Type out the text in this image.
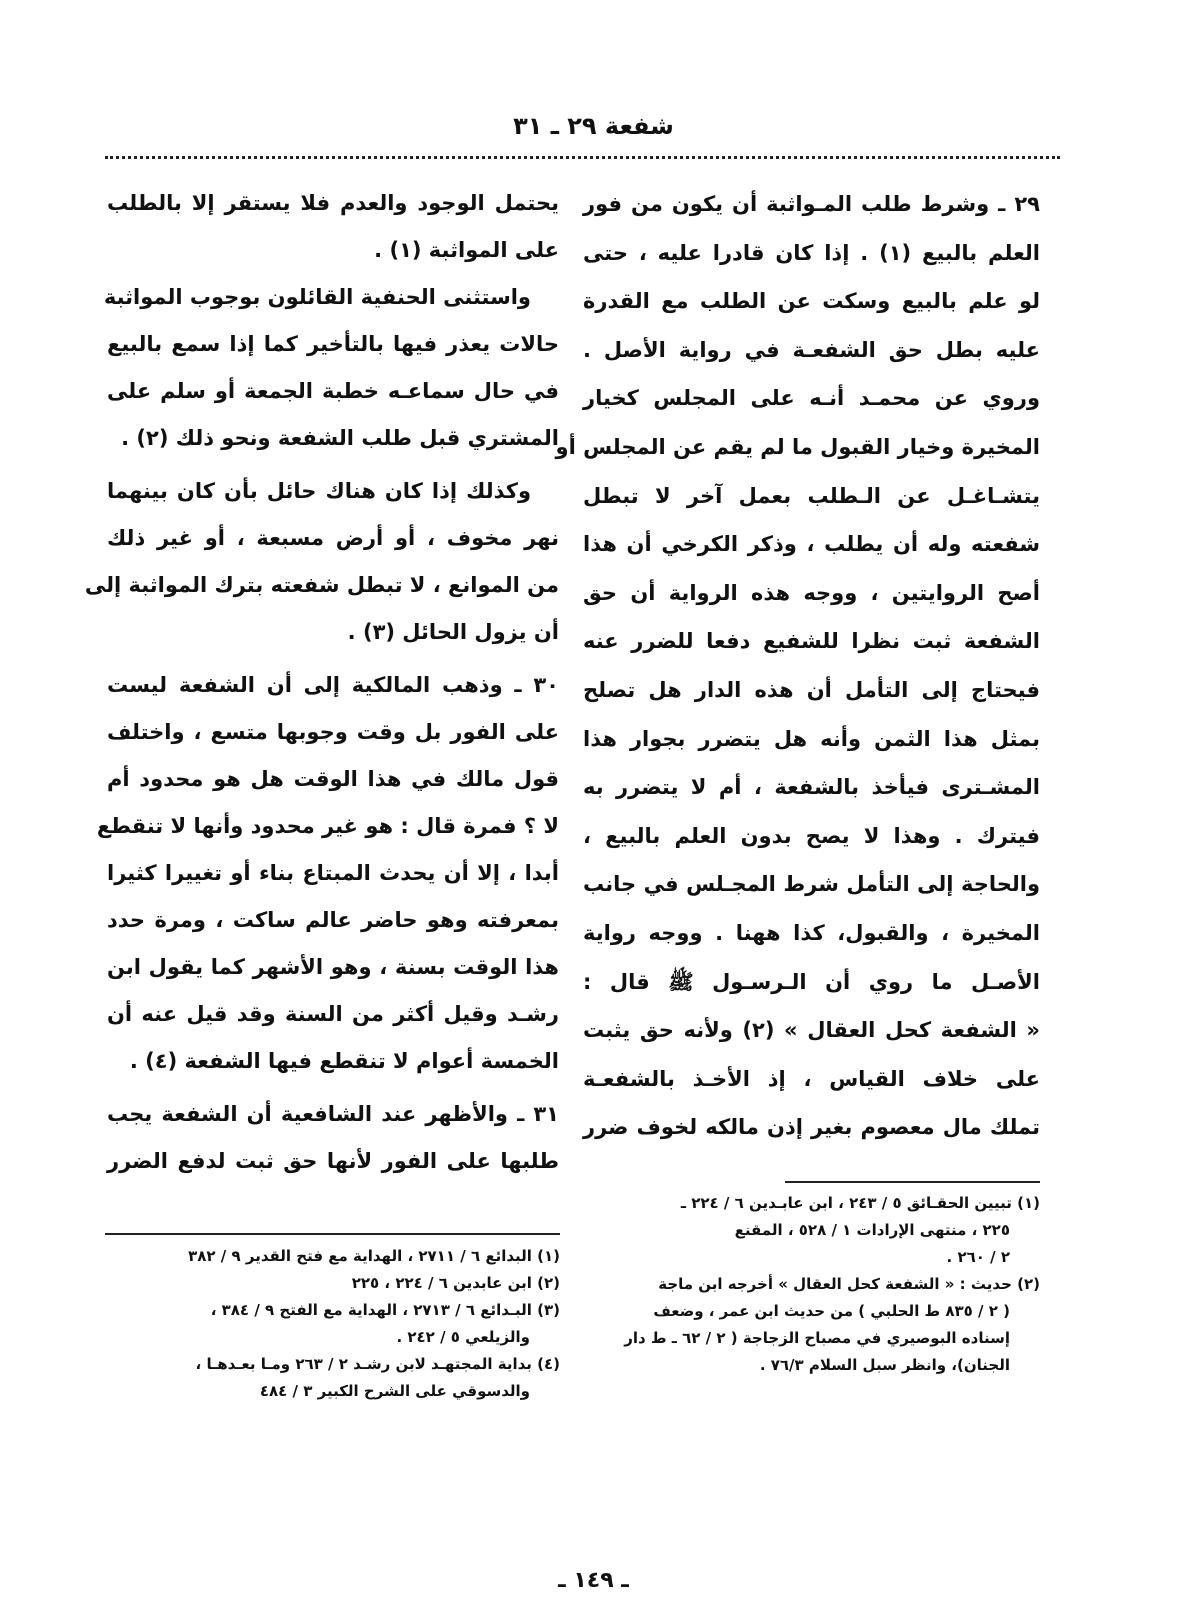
شفعة ٢٩ ـ ٣١
٢٩ ـ وشرط طلب المـواثبة أن يكون من فور
العلم بالبيع (١) . إذا كان قادرا عليه ، حتى
لو علم بالبيع وسكت عن الطلب مع القدرة
عليه بطل حق الشفعـة في رواية الأصل .
وروي عن محمـد أنـه على المجلس كخيار
المخيرة وخيار القبول ما لم يقم عن المجلس أو
يتشـاغـل عن الـطلب بعمل آخر لا تبطل
شفعته وله أن يطلب ، وذكر الكرخي أن هذا
أصح الروايتين ، ووجه هذه الرواية أن حق
الشفعة ثبت نظرا للشفيع دفعا للضرر عنه
فيحتاج إلى التأمل أن هذه الدار هل تصلح
بمثل هذا الثمن وأنه هل يتضرر بجوار هذا
المشـترى فيأخذ بالشفعة ، أم لا يتضرر به
فيترك . وهذا لا يصح بدون العلم بالبيع ،
والحاجة إلى التأمل شرط المجـلس في جانب
المخيرة ، والقبول، كذا ههنا . ووجه رواية
الأصـل ما روي أن الـرسـول ﷺ قال :
« الشفعة كحل العقال » (٢) ولأنه حق يثبت
على خلاف القياس ، إذ الأخـذ بالشفعـة
تملك مال معصوم بغير إذن مالكه لخوف ضرر
يحتمل الوجود والعدم فلا يستقر إلا بالطلب
على المواثبة (١) .
واستثنى الحنفية القائلون بوجوب المواثبة
حالات يعذر فيها بالتأخير كما إذا سمع بالبيع
في حال سماعـه خطبة الجمعة أو سلم على
المشتري قبل طلب الشفعة ونحو ذلك (٢) .
وكذلك إذا كان هناك حائل بأن كان بينهما
نهر مخوف ، أو أرض مسبعة ، أو غير ذلك
من الموانع ، لا تبطل شفعته بترك المواثبة إلى
أن يزول الحائل (٣) .
٣٠ ـ وذهب المالكية إلى أن الشفعة ليست
على الفور بل وقت وجوبها متسع ، واختلف
قول مالك في هذا الوقت هل هو محدود أم
لا ؟ فمرة قال : هو غير محدود وأنها لا تنقطع
أبدا ، إلا أن يحدث المبتاع بناء أو تغييرا كثيرا
بمعرفته وهو حاضر عالم ساكت ، ومرة حدد
هذا الوقت بسنة ، وهو الأشهر كما يقول ابن
رشـد وقيل أكثر من السنة وقد قيل عنه أن
الخمسة أعوام لا تنقطع فيها الشفعة (٤) .
٣١ ـ والأظهر عند الشافعية أن الشفعة يجب
طلبها على الفور لأنها حق ثبت لدفع الضرر
(١) تبيين الحقـائق ٥ / ٢٤٣ ، ابن عابـدين ٦ / ٢٢٤ ـ
٢٢٥ ، منتهى الإرادات ١ / ٥٢٨ ، المقنع
٢ / ٢٦٠ .
(٢) حديث : « الشفعة كحل العقال » أخرجه ابن ماجة
( ٢ / ٨٣٥ ط الحلبي ) من حديث ابن عمر ، وضعف
إسناده البوصيري في مصباح الزجاجة ( ٢ / ٦٢ ـ ط دار
الجنان)، وانظر سبل السلام ٧٦/٣ .
(١) البدائع ٦ / ٢٧١١ ، الهداية مع فتح القدير ٩ / ٣٨٢
(٢) ابن عابدين ٦ / ٢٢٤ ، ٢٢٥
(٣) البـدائع ٦ / ٢٧١٣ ، الهداية مع الفتح ٩ / ٣٨٤ ،
والزيلعي ٥ / ٢٤٢ .
(٤) بداية المجتهـد لابن رشـد ٢ / ٢٦٣ ومـا بعـدهـا ،
والدسوقي على الشرح الكبير ٣ / ٤٨٤
ـ ١٤٩ ـ
